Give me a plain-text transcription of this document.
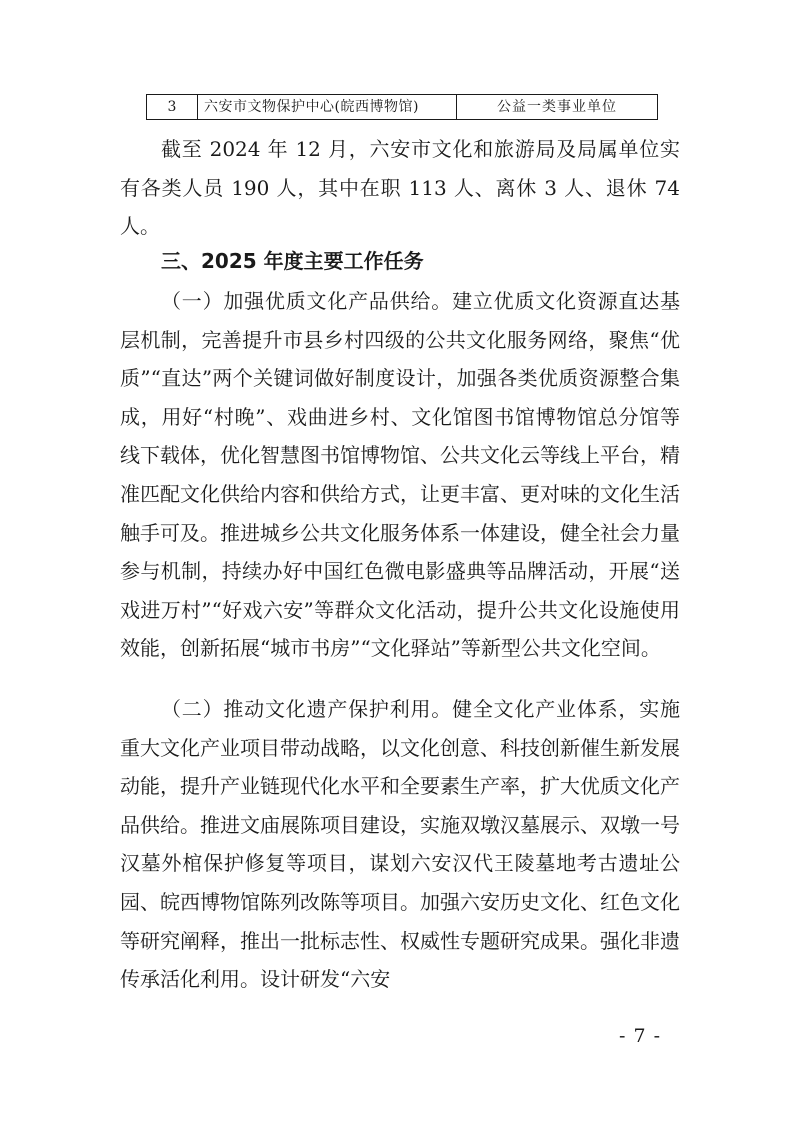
3	六安市文物保护中心(皖西博物馆)	公益一类事业单位

截至 2024 年 12 月，六安市文化和旅游局及局属单位实有各类人员 190 人，其中在职 113 人、离休 3 人、退休 74 人。

三、2025 年度主要工作任务

（一）加强优质文化产品供给。建立优质文化资源直达基层机制，完善提升市县乡村四级的公共文化服务网络，聚焦“优质”“直达”两个关键词做好制度设计，加强各类优质资源整合集成，用好“村晚”、戏曲进乡村、文化馆图书馆博物馆总分馆等线下载体，优化智慧图书馆博物馆、公共文化云等线上平台，精准匹配文化供给内容和供给方式，让更丰富、更对味的文化生活触手可及。推进城乡公共文化服务体系一体建设，健全社会力量参与机制，持续办好中国红色微电影盛典等品牌活动，开展“送戏进万村”“好戏六安”等群众文化活动，提升公共文化设施使用效能，创新拓展“城市书房”“文化驿站”等新型公共文化空间。

（二）推动文化遗产保护利用。健全文化产业体系，实施重大文化产业项目带动战略，以文化创意、科技创新催生新发展动能，提升产业链现代化水平和全要素生产率，扩大优质文化产品供给。推进文庙展陈项目建设，实施双墩汉墓展示、双墩一号汉墓外棺保护修复等项目，谋划六安汉代王陵墓地考古遗址公园、皖西博物馆陈列改陈等项目。加强六安历史文化、红色文化等研究阐释，推出一批标志性、权威性专题研究成果。强化非遗传承活化利用。设计研发“六安

- 7 -
